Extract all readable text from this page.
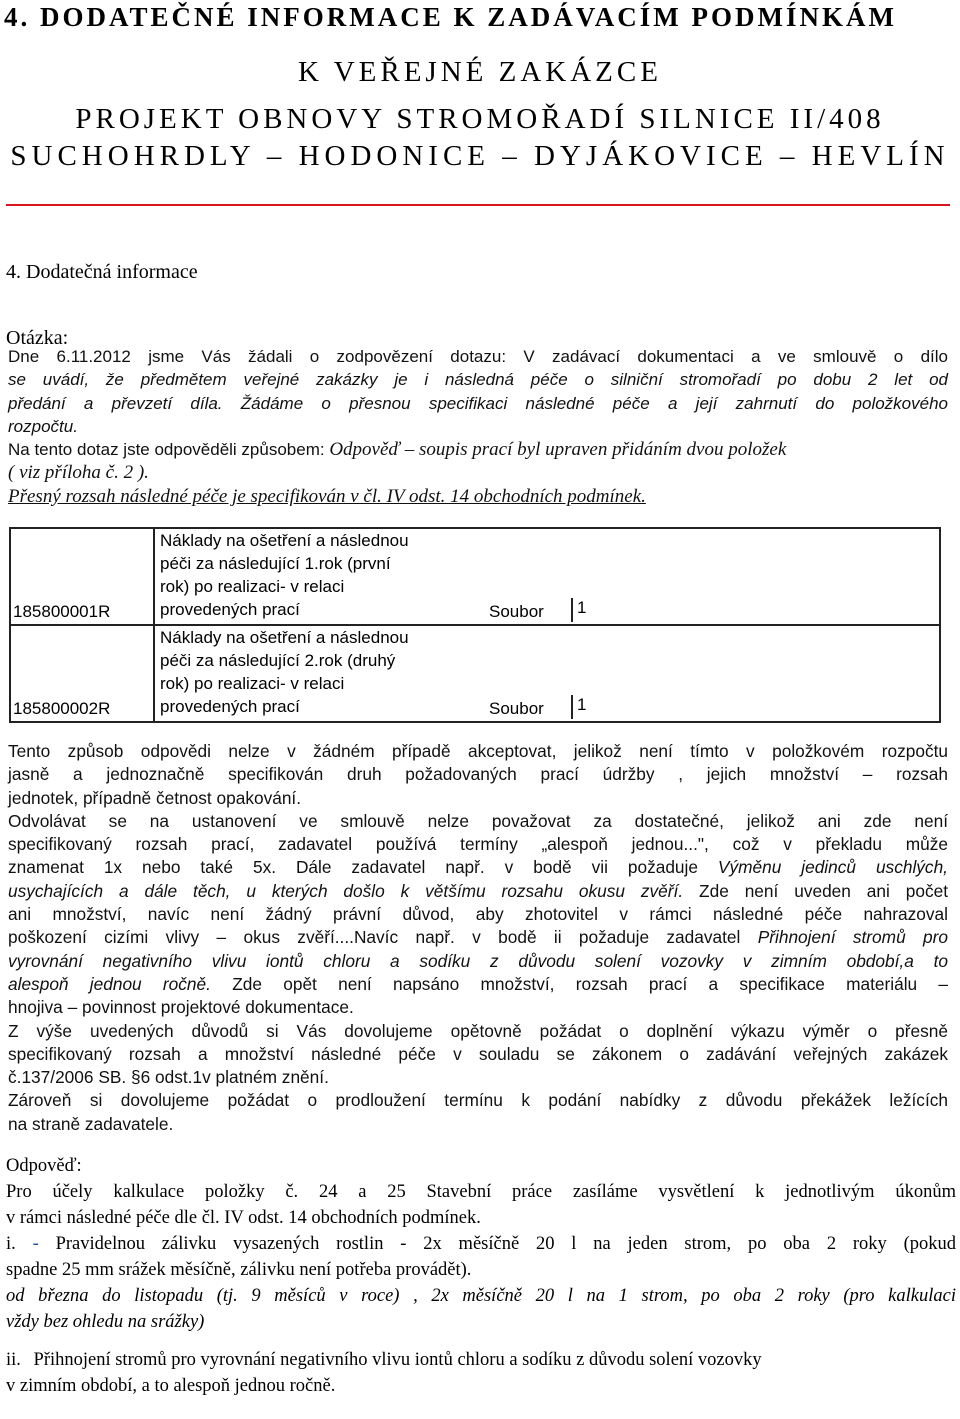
4. DODATEČNÉ INFORMACE K ZADÁVACÍM PODMÍNKÁM
K VEŘEJNÉ ZAKÁZCE
PROJEKT OBNOVY STROMOŘADÍ SILNICE II/408
SUCHOHRDLY – HODONICE – DYJÁKOVICE – HEVLÍN
4. Dodatečná informace
Otázka:
Dne 6.11.2012 jsme Vás žádali o zodpovězení dotazu: V zadávací dokumentaci a ve smlouvě o dílo
se uvádí, že předmětem veřejné zakázky je i následná péče o silniční stromořadí po dobu 2 let od
předání a převzetí díla. Žádáme o přesnou specifikaci následné péče a její zahrnutí do položkového
rozpočtu.
Na tento dotaz jste odpověděli způsobem: Odpověď – soupis prací byl upraven přidáním dvou položek
( viz příloha č. 2 ).
Přesný rozsah následné péče je specifikován v čl. IV odst. 14 obchodních podmínek.
185800001R
Náklady na ošetření a následnou
péči za následující 1.rok (první
rok) po realizaci- v relaci
provedených prací	Soubor	1
185800002R
Náklady na ošetření a následnou
péči za následující 2.rok (druhý
rok) po realizaci- v relaci
provedených prací	Soubor	1
Tento způsob odpovědi nelze v žádném případě akceptovat, jelikož není tímto v položkovém rozpočtu
jasně a jednoznačně specifikován druh požadovaných prací údržby , jejich množství – rozsah
jednotek, případně četnost opakování.
Odvolávat se na ustanovení ve smlouvě nelze považovat za dostatečné, jelikož ani zde není
specifikovaný rozsah prací, zadavatel používá termíny „alespoň jednou...", což v překladu může
znamenat 1x nebo také 5x. Dále zadavatel např. v bodě vii požaduje Výměnu jedinců uschlých,
usychajících a dále těch, u kterých došlo k většímu rozsahu okusu zvěří. Zde není uveden ani počet
ani množství, navíc není žádný právní důvod, aby zhotovitel v rámci následné péče nahrazoval
poškození cizími vlivy – okus zvěří....Navíc např. v bodě ii požaduje zadavatel Přihnojení stromů pro
vyrovnání negativního vlivu iontů chloru a sodíku z důvodu solení vozovky v zimním období,a to
alespoň jednou ročně. Zde opět není napsáno množství, rozsah prací a specifikace materiálu –
hnojiva – povinnost projektové dokumentace.
Z výše uvedených důvodů si Vás dovolujeme opětovně požádat o doplnění výkazu výměr o přesně
specifikovaný rozsah a množství následné péče v souladu se zákonem o zadávání veřejných zakázek
č.137/2006 SB. §6 odst.1v platném znění.
Zároveň si dovolujeme požádat o prodloužení termínu k podání nabídky z důvodu překážek ležících
na straně zadavatele.
Odpověď:
Pro účely kalkulace položky č. 24 a 25 Stavební práce zasíláme vysvětlení k jednotlivým úkonům
v rámci následné péče dle čl. IV odst. 14 obchodních podmínek.
i. - Pravidelnou zálivku vysazených rostlin - 2x měsíčně 20 l na jeden strom, po oba 2 roky (pokud
spadne 25 mm srážek měsíčně, zálivku není potřeba provádět).
od března do listopadu (tj. 9 měsíců v roce) , 2x měsíčně 20 l na 1 strom, po oba 2 roky (pro kalkulaci
vždy bez ohledu na srážky)
ii. Přihnojení stromů pro vyrovnání negativního vlivu iontů chloru a sodíku z důvodu solení vozovky
v zimním období, a to alespoň jednou ročně.
